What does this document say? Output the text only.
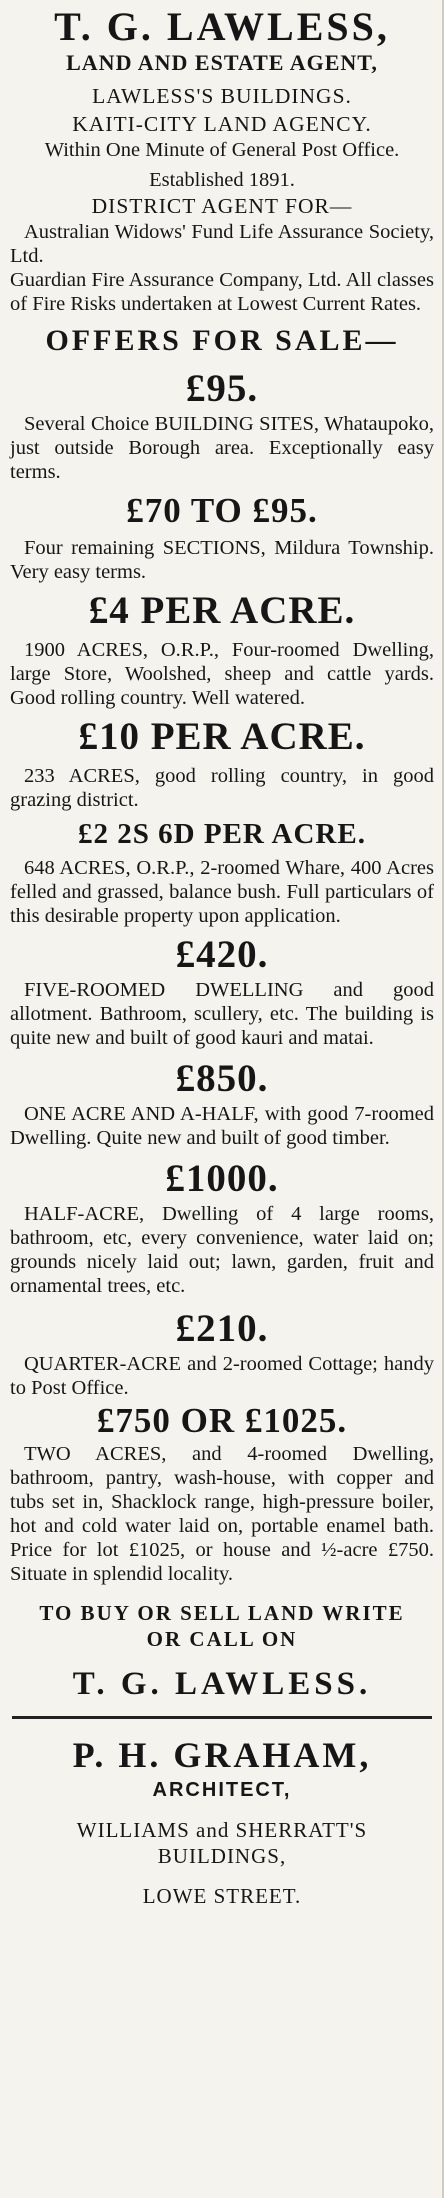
T. G. LAWLESS,

LAND AND ESTATE AGENT,

LAWLESS'S BUILDINGS.

KAITI-CITY LAND AGENCY.

Within One Minute of General Post Office.

Established 1891.

DISTRICT AGENT FOR—

Australian Widows' Fund Life Assurance Society, Ltd.

Guardian Fire Assurance Company, Ltd. All classes of Fire Risks undertaken at Lowest Current Rates.

OFFERS FOR SALE—

£95.

Several Choice BUILDING SITES, Whataupoko, just outside Borough area. Exceptionally easy terms.

£70 TO £95.

Four remaining SECTIONS, Mildura Township. Very easy terms.

£4 PER ACRE.

1900 ACRES, O.R.P., Four-roomed Dwelling, large Store, Woolshed, sheep and cattle yards. Good rolling country. Well watered.

£10 PER ACRE.

233 ACRES, good rolling country, in good grazing district.

£2 2S 6D PER ACRE.

648 ACRES, O.R.P., 2-roomed Whare, 400 Acres felled and grassed, balance bush. Full particulars of this desirable property upon application.

£420.

FIVE-ROOMED DWELLING and good allotment. Bathroom, scullery, etc. The building is quite new and built of good kauri and matai.

£850.

ONE ACRE AND A-HALF, with good 7-roomed Dwelling. Quite new and built of good timber.

£1000.

HALF-ACRE, Dwelling of 4 large rooms, bathroom, etc, every convenience, water laid on; grounds nicely laid out; lawn, garden, fruit and ornamental trees, etc.

£210.

QUARTER-ACRE and 2-roomed Cottage; handy to Post Office.

£750 OR £1025.

TWO ACRES, and 4-roomed Dwelling, bathroom, pantry, wash-house, with copper and tubs set in, Shacklock range, high-pressure boiler, hot and cold water laid on, portable enamel bath. Price for lot £1025, or house and ½-acre £750. Situate in splendid locality.

TO BUY OR SELL LAND WRITE

OR CALL ON

T. G. LAWLESS.

P. H. GRAHAM,

ARCHITECT,

WILLIAMS and SHERRATT'S

BUILDINGS,

LOWE STREET.
